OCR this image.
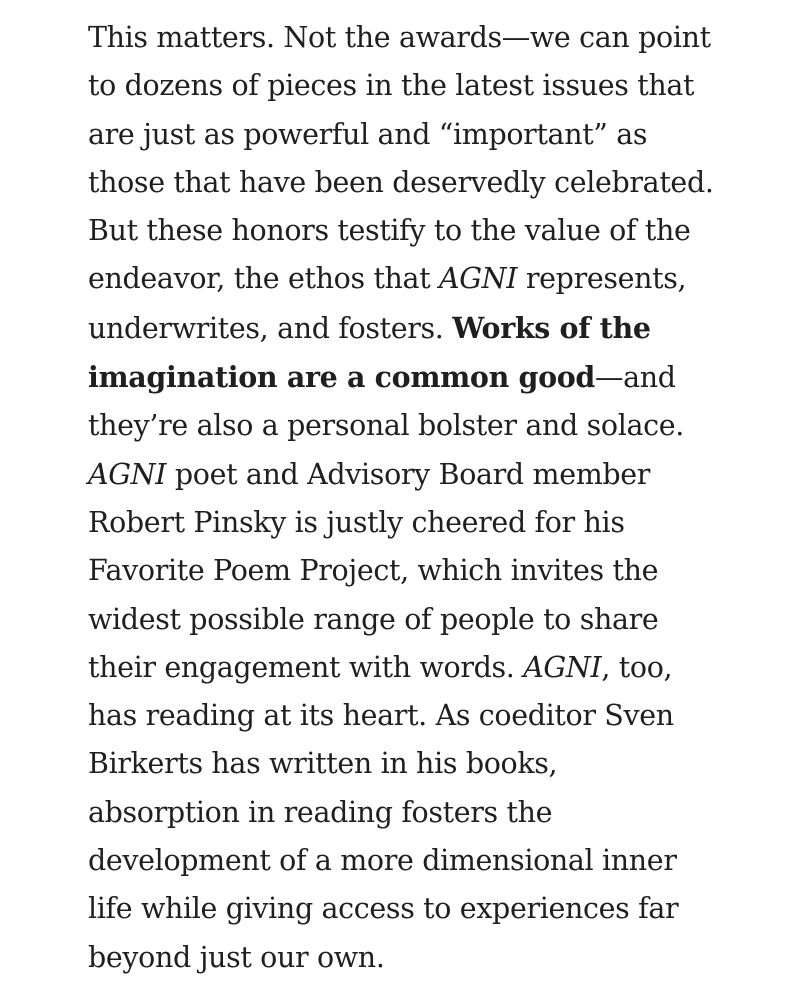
This matters. Not the awards—we can point
to dozens of pieces in the latest issues that
are just as powerful and “important” as
those that have been deservedly celebrated.
But these honors testify to the value of the
endeavor, the ethos that AGNI represents,
underwrites, and fosters. Works of the
imagination are a common good—and
they’re also a personal bolster and solace.
AGNI poet and Advisory Board member
Robert Pinsky is justly cheered for his
Favorite Poem Project, which invites the
widest possible range of people to share
their engagement with words. AGNI, too,
has reading at its heart. As coeditor Sven
Birkerts has written in his books,
absorption in reading fosters the
development of a more dimensional inner
life while giving access to experiences far
beyond just our own.
